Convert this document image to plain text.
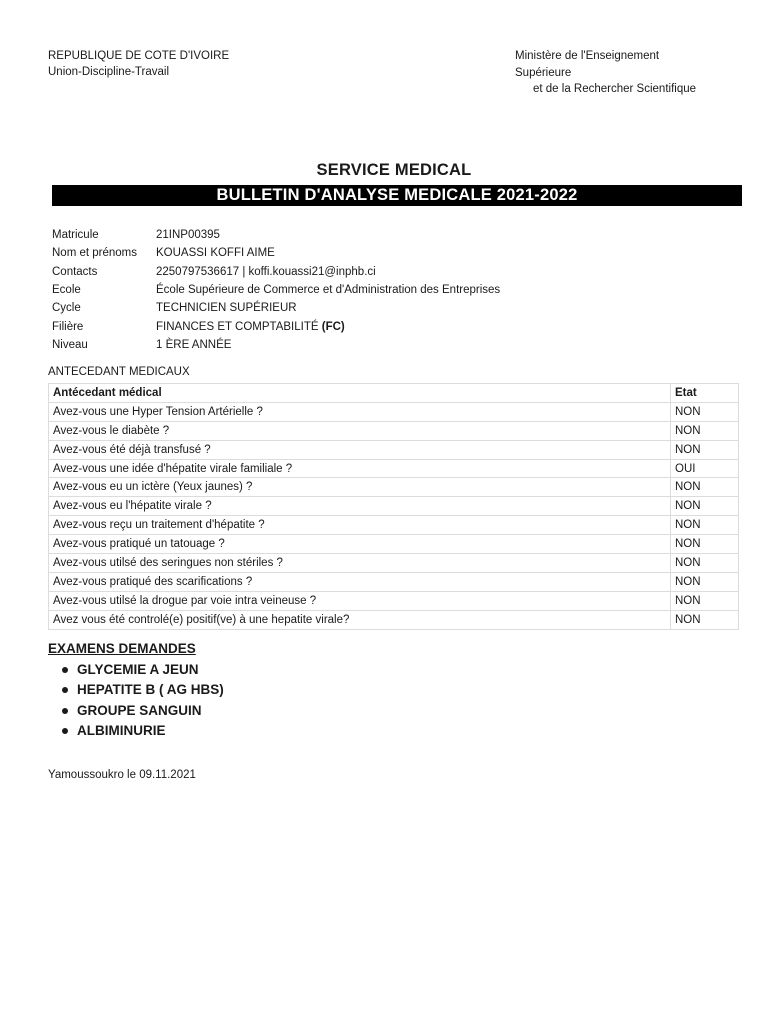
REPUBLIQUE DE COTE D'IVOIRE
Union-Discipline-Travail
Ministère de l'Enseignement
Supérieure
et de la Rechercher Scientifique
SERVICE MEDICAL
BULLETIN D'ANALYSE MEDICALE 2021-2022
Matricule	21INP00395
Nom et prénoms	KOUASSI KOFFI AIME
Contacts	2250797536617 | koffi.kouassi21@inphb.ci
Ecole	École Supérieure de Commerce et d'Administration des Entreprises
Cycle	TECHNICIEN SUPÉRIEUR
Filière	FINANCES ET COMPTABILITÉ (FC)
Niveau	1 ÈRE ANNÉE
ANTECEDANT MEDICAUX
Antécedant médical	Etat
Avez-vous une Hyper Tension Artérielle ?	NON
Avez-vous le diabète ?	NON
Avez-vous été déjà transfusé ?	NON
Avez-vous une idée d'hépatite virale familiale ?	OUI
Avez-vous eu un ictère (Yeux jaunes) ?	NON
Avez-vous eu l'hépatite virale ?	NON
Avez-vous reçu un traitement d'hépatite ?	NON
Avez-vous pratiqué un tatouage ?	NON
Avez-vous utilsé des seringues non stériles ?	NON
Avez-vous pratiqué des scarifications ?	NON
Avez-vous utilsé la drogue par voie intra veineuse ?	NON
Avez vous été controlé(e) positif(ve) à une hepatite virale?	NON
EXAMENS DEMANDES
GLYCEMIE A JEUN
HEPATITE B ( AG HBS)
GROUPE SANGUIN
ALBIMINURIE
Yamoussoukro le 09.11.2021
